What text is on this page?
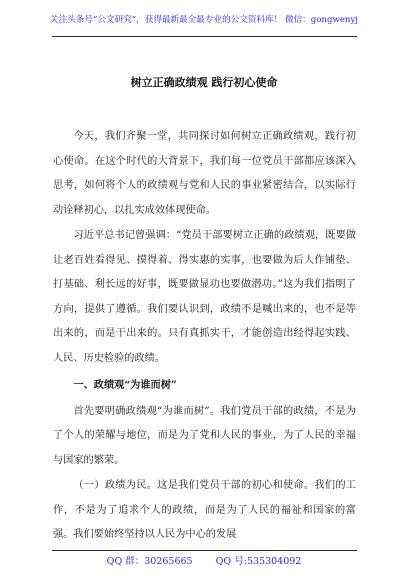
关注头条号“公文研究”，获得最新最全最专业的公文资料库！ 微信：gongwenyj
树立正确政绩观 践行初心使命

今天，我们齐聚一堂，共同探讨如何树立正确政绩观，践行初心使命。在这个时代的大背景下，我们每一位党员干部都应该深入思考，如何将个人的政绩观与党和人民的事业紧密结合，以实际行动诠释初心，以扎实成效体现使命。

习近平总书记曾强调：“党员干部要树立正确的政绩观，既要做让老百姓看得见、摸得着、得实惠的实事，也要做为后人作铺垫、打基础、利长远的好事，既要做显功也要做潜功。”这为我们指明了方向，提供了遵循。我们要认识到，政绩不是喊出来的，也不是等出来的，而是干出来的。只有真抓实干，才能创造出经得起实践、人民、历史检验的政绩。

一、政绩观“为谁而树”

首先要明确政绩观“为谁而树”。我们党员干部的政绩，不是为了个人的荣耀与地位，而是为了党和人民的事业，为了人民的幸福与国家的繁荣。

（一）政绩为民。这是我们党员干部的初心和使命。我们的工作，不是为了追求个人的政绩，而是为了人民的福祉和国家的富强。我们要始终坚持以人民为中心的发展

QQ 群：30265665 QQ 号:535304092
